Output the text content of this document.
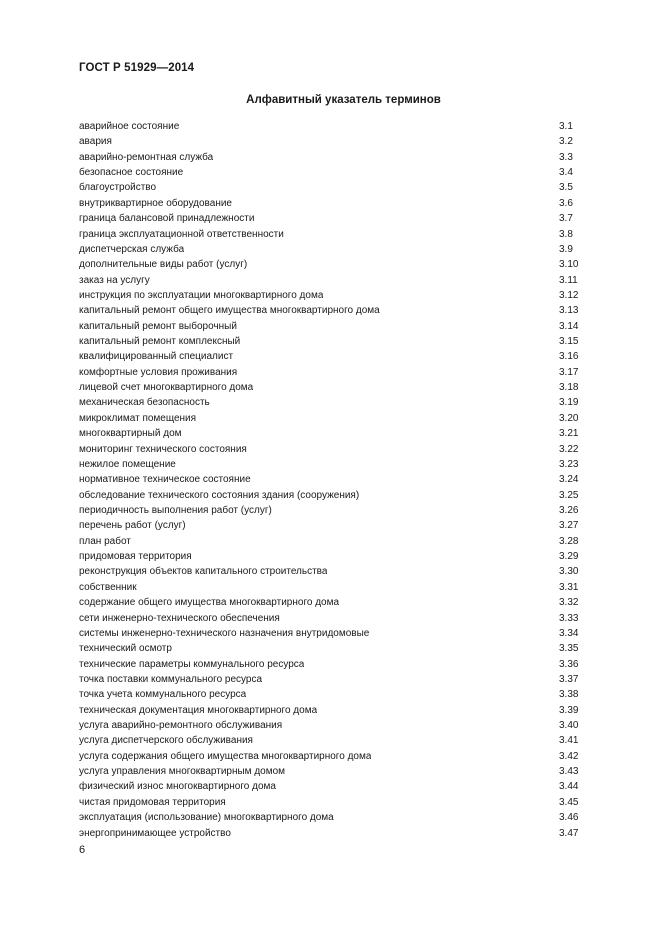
ГОСТ Р 51929—2014
Алфавитный указатель терминов
аварийное состояние	3.1
авария	3.2
аварийно-ремонтная служба	3.3
безопасное состояние	3.4
благоустройство	3.5
внутриквартирное оборудование	3.6
граница балансовой принадлежности	3.7
граница эксплуатационной ответственности	3.8
диспетчерская служба	3.9
дополнительные виды работ (услуг)	3.10
заказ на услугу	3.11
инструкция по эксплуатации многоквартирного дома	3.12
капитальный ремонт общего имущества многоквартирного дома	3.13
капитальный ремонт выборочный	3.14
капитальный ремонт комплексный	3.15
квалифицированный специалист	3.16
комфортные условия проживания	3.17
лицевой счет многоквартирного дома	3.18
механическая безопасность	3.19
микроклимат помещения	3.20
многоквартирный дом	3.21
мониторинг технического состояния	3.22
нежилое помещение	3.23
нормативное техническое состояние	3.24
обследование технического состояния здания (сооружения)	3.25
периодичность выполнения работ (услуг)	3.26
перечень работ (услуг)	3.27
план работ	3.28
придомовая территория	3.29
реконструкция объектов капитального строительства	3.30
собственник	3.31
содержание общего имущества многоквартирного дома	3.32
сети инженерно-технического обеспечения	3.33
системы инженерно-технического назначения внутридомовые	3.34
технический осмотр	3.35
технические параметры коммунального ресурса	3.36
точка поставки коммунального ресурса	3.37
точка учета коммунального ресурса	3.38
техническая документация многоквартирного дома	3.39
услуга аварийно-ремонтного обслуживания	3.40
услуга диспетчерского обслуживания	3.41
услуга содержания общего имущества многоквартирного дома	3.42
услуга управления многоквартирным домом	3.43
физический износ многоквартирного дома	3.44
чистая придомовая территория	3.45
эксплуатация (использование) многоквартирного дома	3.46
энергопринимающее устройство	3.47
6
